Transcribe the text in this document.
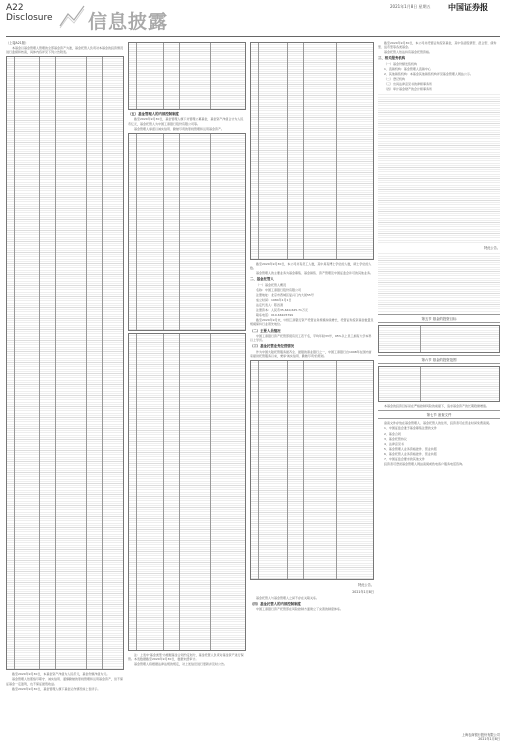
A22
Disclosure 信息披露
2021年1月8日 星期五 中国证券报
（上接A21版）
本基金以基金管理人管理的全部基金资产为准，基金托管人负责对本基金的投资情况进行监督和核查，具体内容详见下列公告附表。
截至2020年9月30日，本基金资产净值为人民币元，基金份额净值为元。
基金管理人依照恪尽职守、诚实信用、谨慎勤勉的原则管理和运用基金资产，但不保证基金一定盈利，也不保证最低收益。
截至2020年9月30日，基金管理人旗下基金运作情况如上表所示。
（五）基金管理人的内部控制制度
截至2020年9月30日，基金管理人旗下共管理公募基金，基金资产净值合计为人民币亿元，基金托管人为中国工商银行股份有限公司等。
基金管理人承诺以诚实信用、勤勉尽责的原则管理和运用基金资产。
注：上表中'基金类型'为根据基金合同约定划分，基金托管人负责对基金资产进行保管。本表数据截至2020年9月30日，数据未经审计。
基金管理人将根据法律法规的规定，对上述信息进行更新并及时公告。
截至2020年9月30日，本公司共有员工人数，其中具有博士学位的人数，硕士学位的人数。
基金管理人的主要业务为基金募集、基金销售、资产管理及中国证监会许可的其他业务。
二、基金托管人
（一）基金托管人概况
名称：中国工商银行股份有限公司
注册地址：北京市西城区复兴门内大街55号
成立时间：1984年1月1日
法定代表人：陈四清
注册资本：人民币35,640,625.71万元
联系电话：010-66105799
截至2020年9月末，中国工商银行资产托管业务规模持续增长，托管证券投资基金数量及规模保持行业领先地位。
（二）主要人员情况
中国工商银行资产托管部现有员工若干名，平均年龄33岁，95%以上员工拥有大学本科以上学历。
（三）基金托管业务经营情况
作为中国大陆托管服务最齐全、最强的商业银行之一，中国工商银行自1998年在国内首家提供托管服务以来，秉承'诚实信用、勤勉尽责'的原则。
特此公告。
2021年1月8日
基金托管人与基金管理人之间不存在关联关系。
（四）基金托管人的内部控制制度
中国工商银行资产托管部在风险控制方面建立了完善的制度体系。
截至2020年9月30日，本公司共托管证券投资基金，其中包括股票型、混合型、债券型、货币型等各类基金。
基金托管人依法持有基金托管资格。
三、相关服务机构
（一）基金份额发售机构
1、直销机构：基金管理人直销中心
2、其他销售机构：本基金其他销售机构详见基金管理人网站公示。
（二）登记机构
（三）出具法律意见书的律师事务所
（四）审计基金财产的会计师事务所
特此公告。
第五节 基金的投资目标
第六节 基金的投资范围
本基金的投资目标是在严格控制风险的前提下，追求基金资产的长期稳健增值。
第七节 备查文件
备查文件存放在基金管理人、基金托管人的住所，投资者可在营业时间免费查阅。
1、中国证监会准予基金募集注册的文件
2、基金合同
3、基金托管协议
4、法律意见书
5、基金管理人业务资格批件、营业执照
6、基金托管人业务资格批件、营业执照
7、中国证监会要求的其他文件
投资者可登录基金管理人网站查阅或致电客户服务电话咨询。
上海农商银行股份有限公司
2021年1月8日
